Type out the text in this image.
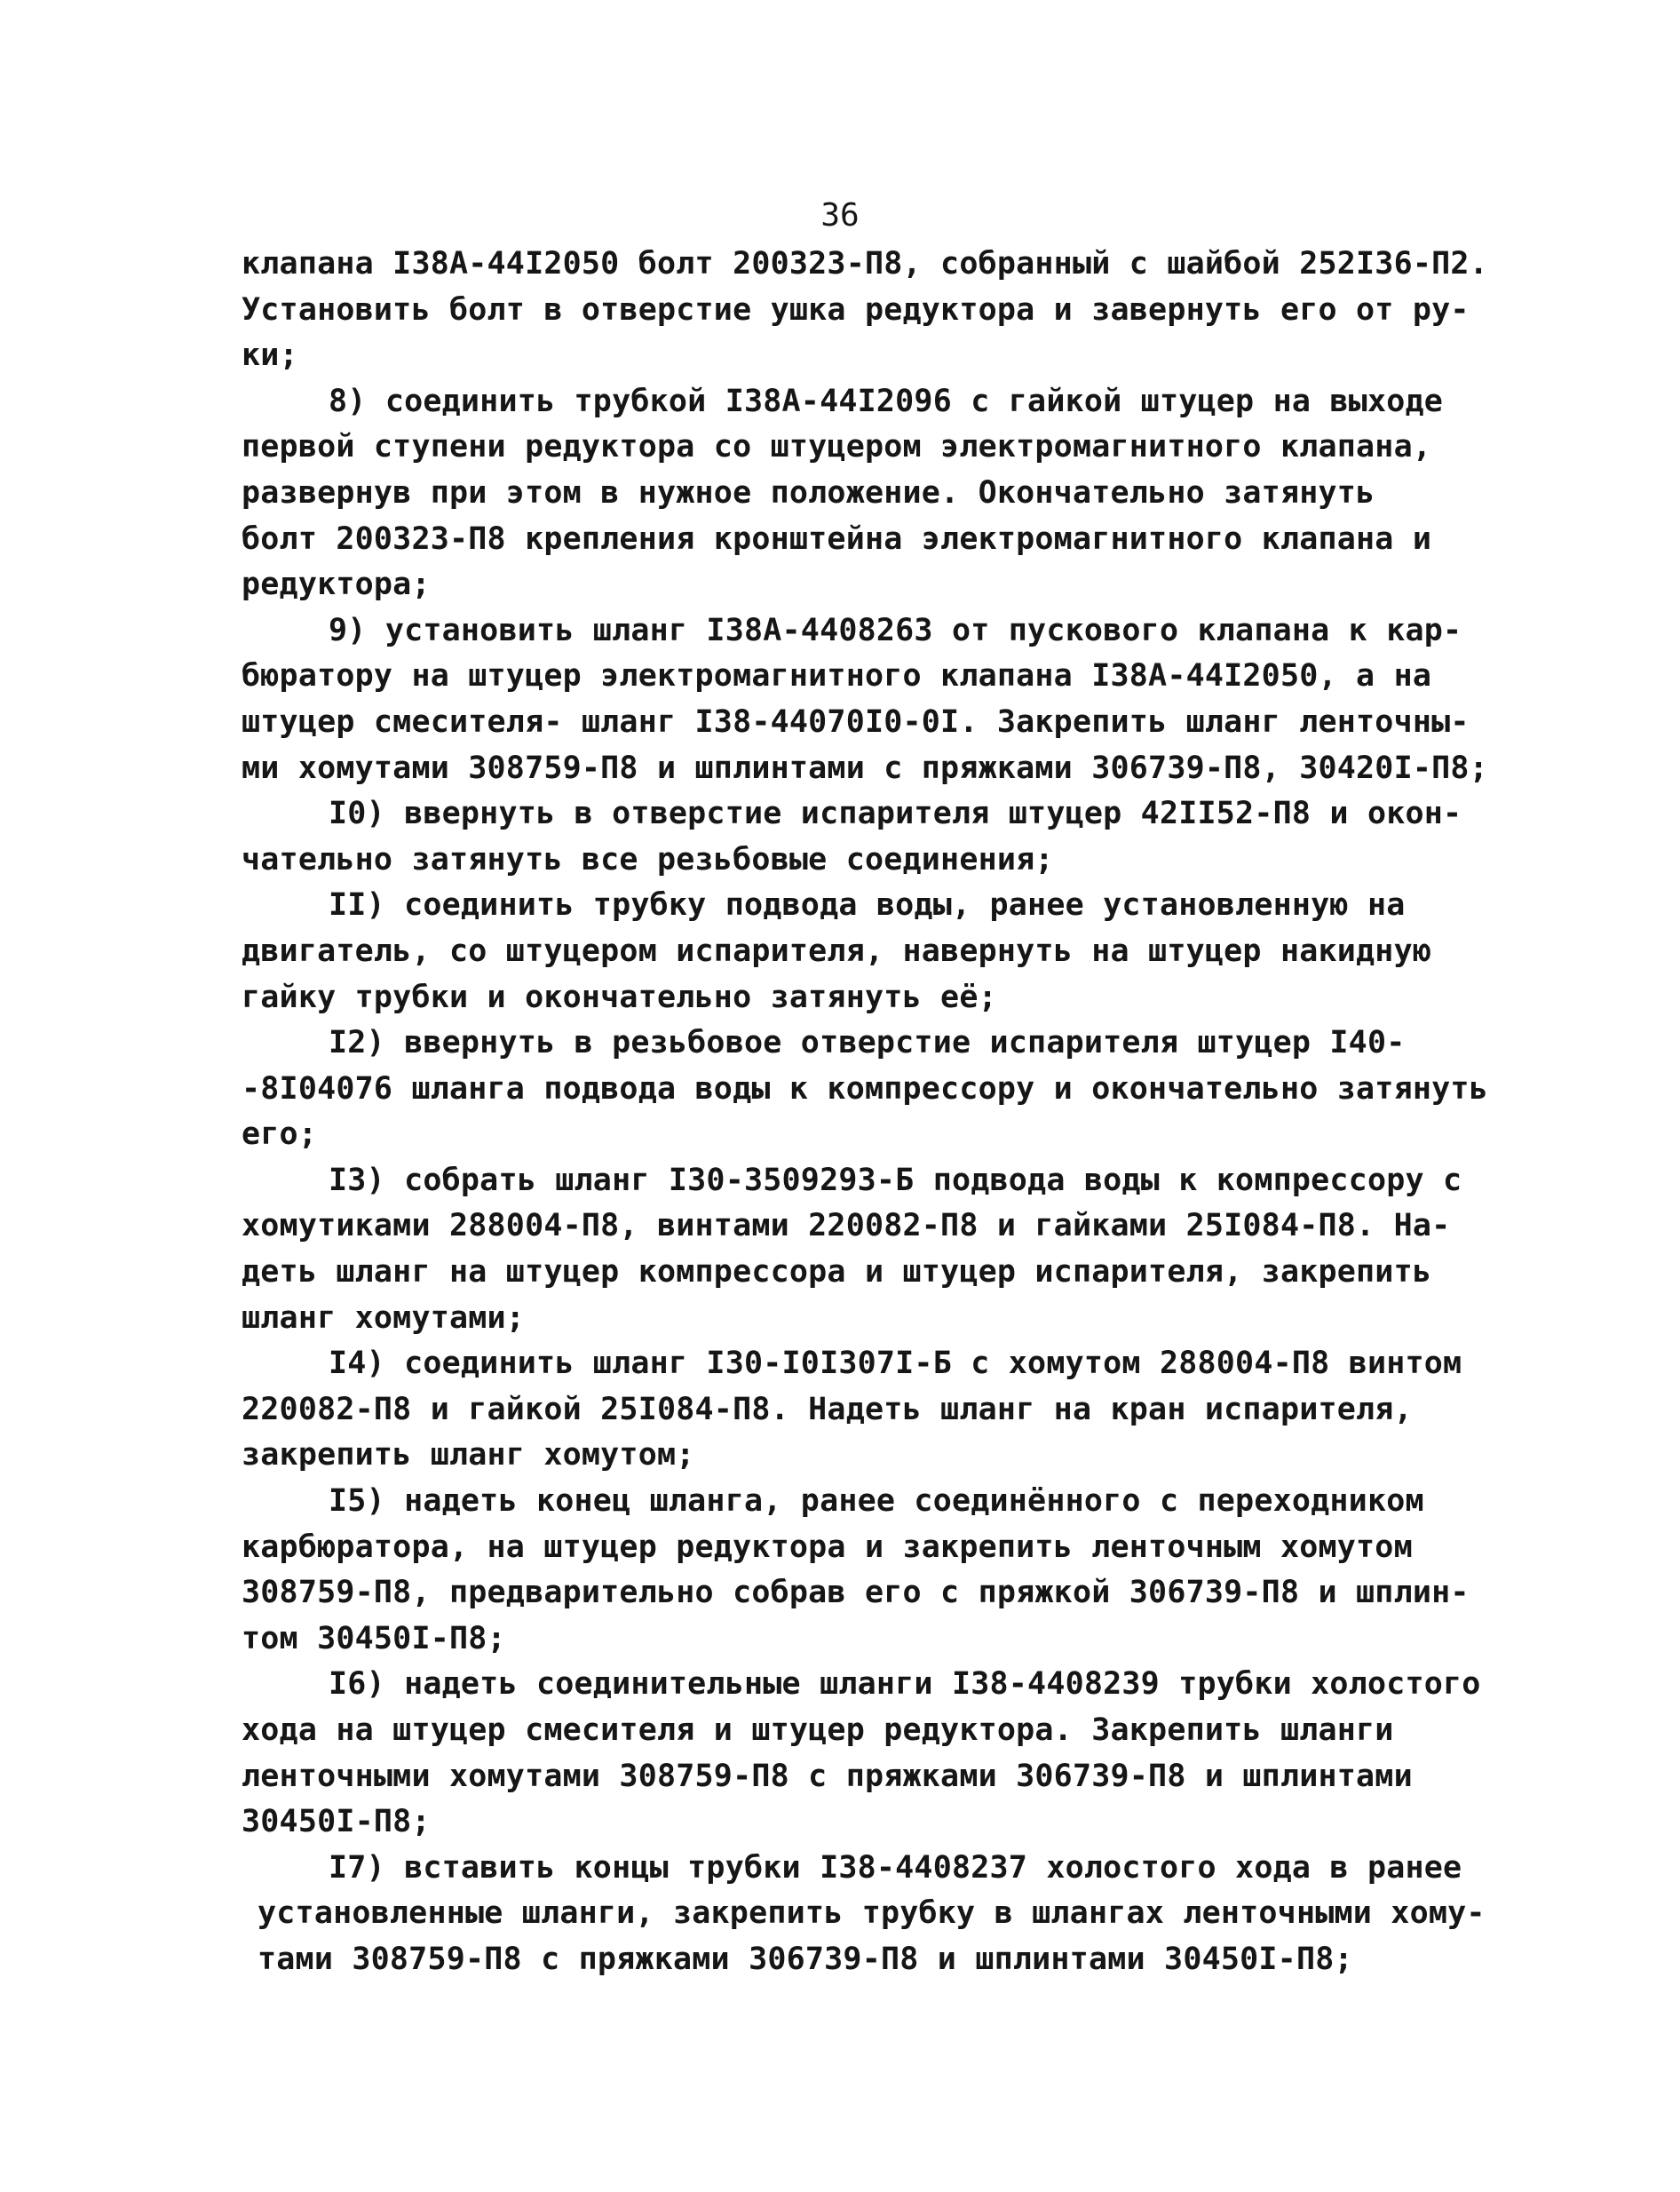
36
клапана I38А-44I2050 болт 200323-П8, собранный с шайбой 252I36-П2.
Установить болт в отверстие ушка редуктора и завернуть его от ру-
ки;
8) соединить трубкой I38А-44I2096 с гайкой штуцер на выходе
первой ступени редуктора со штуцером электромагнитного клапана,
развернув при этом в нужное положение. Окончательно затянуть
болт 200323-П8 крепления кронштейна электромагнитного клапана и
редуктора;
9) установить шланг I38А-4408263 от пускового клапана к кар-
бюратору на штуцер электромагнитного клапана I38А-44I2050, а на
штуцер смесителя- шланг I38-44070I0-0I. Закрепить шланг ленточны-
ми хомутами 308759-П8 и шплинтами с пряжками 306739-П8, 30420I-П8;
I0) ввернуть в отверстие испарителя штуцер 42II52-П8 и окон-
чательно затянуть все резьбовые соединения;
II) соединить трубку подвода воды, ранее установленную на
двигатель, со штуцером испарителя, навернуть на штуцер накидную
гайку трубки и окончательно затянуть её;
I2) ввернуть в резьбовое отверстие испарителя штуцер I40-
-8I04076 шланга подвода воды к компрессору и окончательно затянуть
его;
I3) собрать шланг I30-3509293-Б подвода воды к компрессору с
хомутиками 288004-П8, винтами 220082-П8 и гайками 25I084-П8. На-
деть шланг на штуцер компрессора и штуцер испарителя, закрепить
шланг хомутами;
I4) соединить шланг I30-I0I307I-Б с хомутом 288004-П8 винтом
220082-П8 и гайкой 25I084-П8. Надеть шланг на кран испарителя,
закрепить шланг хомутом;
I5) надеть конец шланга, ранее соединённого с переходником
карбюратора, на штуцер редуктора и закрепить ленточным хомутом
308759-П8, предварительно собрав его с пряжкой 306739-П8 и шплин-
том 30450I-П8;
I6) надеть соединительные шланги I38-4408239 трубки холостого
хода на штуцер смесителя и штуцер редуктора. Закрепить шланги
ленточными хомутами 308759-П8 с пряжками 306739-П8 и шплинтами
30450I-П8;
I7) вставить концы трубки I38-4408237 холостого хода в ранее
установленные шланги, закрепить трубку в шлангах ленточными хому-
тами 308759-П8 с пряжками 306739-П8 и шплинтами 30450I-П8;
